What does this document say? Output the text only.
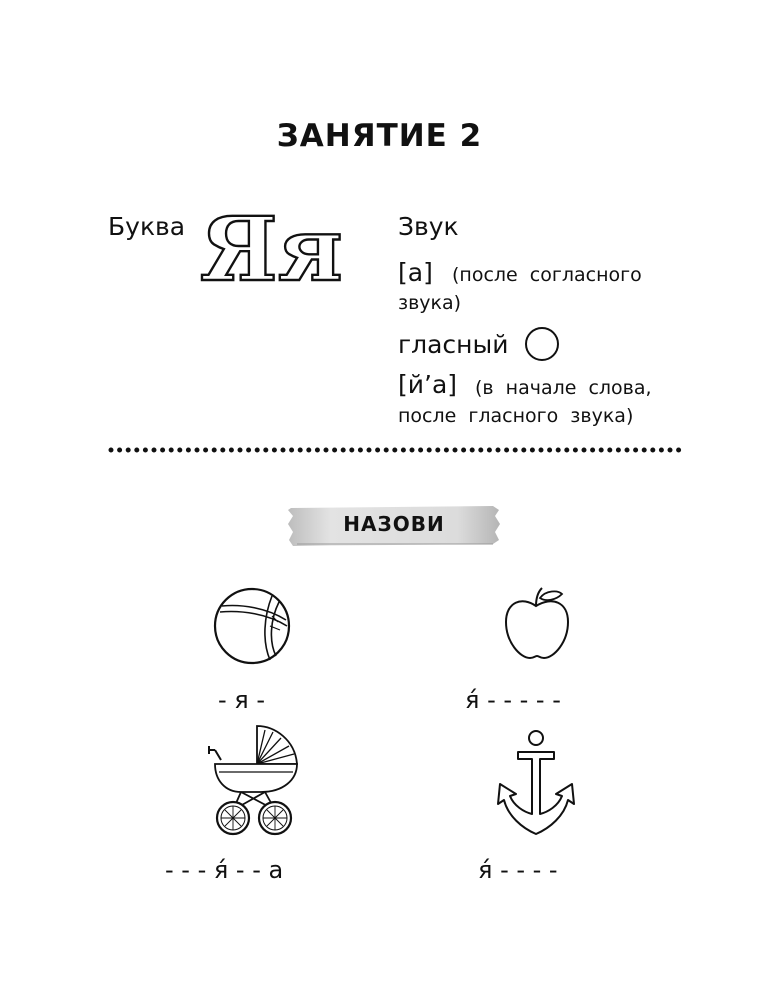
ЗАНЯТИЕ 2
Буква Яя Звук
[а] (после согласного
звука)
гласный
[й’а] (в начале слова,
после гласного звука)
НАЗОВИ
- я -	я́ - - - - -
- - - я́ - - а	я́ - - - -
